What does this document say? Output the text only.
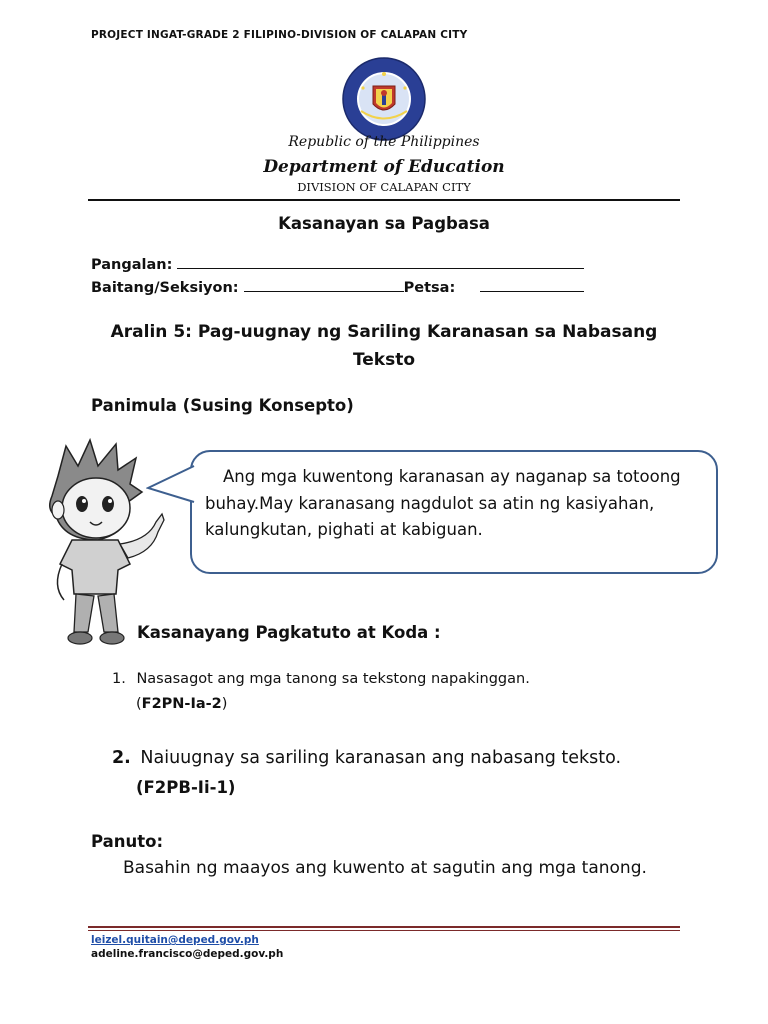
PROJECT INGAT-GRADE 2 FILIPINO-DIVISION OF CALAPAN CITY
Republic of the Philippines
Department of Education
DIVISION OF CALAPAN CITY
Kasanayan sa Pagbasa
Pangalan:
Baitang/Seksiyon:	Petsa:
Aralin 5: Pag-uugnay ng Sariling Karanasan sa Nabasang Teksto
Panimula (Susing Konsepto)
Ang mga kuwentong karanasan ay naganap sa totoong buhay.May karanasang nagdulot sa atin ng kasiyahan, kalungkutan, pighati at kabiguan.
Kasanayang Pagkatuto at Koda :
1. Nasasagot ang mga tanong sa tekstong napakinggan.
(F2PN-Ia-2)
2. Naiuugnay sa sariling karanasan ang nabasang teksto.
(F2PB-Ii-1)
Panuto:
Basahin ng maayos ang kuwento at sagutin ang mga tanong.
leizel.quitain@deped.gov.ph
adeline.francisco@deped.gov.ph
